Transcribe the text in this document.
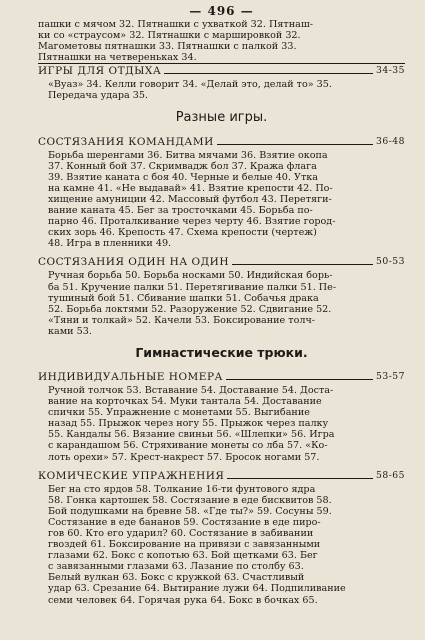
— 496 —
пашки с мячом 32. Пятнашки с ухваткой 32. Пятнаш-
ки со «страусом» 32. Пятнашки с маршировкой 32.
Магометовы пятнашки 33. Пятнашки с палкой 33.
Пятнашки на четвереньках 34.
ИГРЫ ДЛЯ ОТДЫХА	34-35
«Вуаз» 34. Келли говорит 34. «Делай это, делай то» 35.
Передача удара 35.
Разные игры.
СОСТЯЗАНИЯ КОМАНДАМИ	36-48
Борьба шеренгами 36. Битва мячами 36. Взятие окопа
37. Конный бой 37. Скримвадж бол 37. Кража флага
39. Взятие каната с боя 40. Черные и белые 40. Утка
на камне 41. «Не выдавай» 41. Взятие крепости 42. По-
хищение амуниции 42. Массовый футбол 43. Перетяги-
вание каната 45. Бег за тросточками 45. Борьба по-
парно 46. Проталкивание через черту 46. Взятие город-
ских зорь 46. Крепость 47. Схема крепости (чертеж)
48. Игра в пленники 49.
СОСТЯЗАНИЯ ОДИН НА ОДИН	50-53
Ручная борьба 50. Борьба носками 50. Индийская борь-
ба 51. Кручение палки 51. Перетягивание палки 51. Пе-
тушиный бой 51. Сбивание шапки 51. Собачья драка
52. Борьба локтями 52. Разоружение 52. Сдвигание 52.
«Тяни и толкай» 52. Качели 53. Бокcирование толч-
ками 53.
Гимнастические трюки.
ИНДИВИДУАЛЬНЫЕ НОМЕРА	53-57
Ручной толчок 53. Вставание 54. Доставание 54. Доста-
вание на корточках 54. Муки тантала 54. Доставание
спички 55. Упражнение с монетами 55. Выгибание
назад 55. Прыжок через ногу 55. Прыжок через палку
55. Кандалы 56. Вязание свиньи 56. «Шлепки» 56. Игра
с карандашом 56. Стряхивание монеты со лба 57. «Ко-
лоть орехи» 57. Крест-накрест 57. Бросок ногами 57.
КОМИЧЕСКИЕ УПРАЖНЕНИЯ	58-65
Бег на сто ярдов 58. Толкание 16-ти фунтового ядра
58. Гонка картошек 58. Состязание в еде бисквитов 58.
Бой подушками на бревне 58. «Где ты?» 59. Сосуны 59.
Состязание в еде бананов 59. Состязание в еде пиро-
гов 60. Кто его ударил? 60. Состязание в забивании
гвоздей 61. Бокcирование на привязи с завязанными
глазами 62. Бокс с копотью 63. Бой щетками 63. Бег
с завязанными глазами 63. Лазание по столбу 63.
Белый вулкан 63. Бокс с кружкой 63. Счастливый
удар 63. Срезание 64. Вытирание лужи 64. Подпиливание
семи человек 64. Горячая рука 64. Бокс в бочках 65.
